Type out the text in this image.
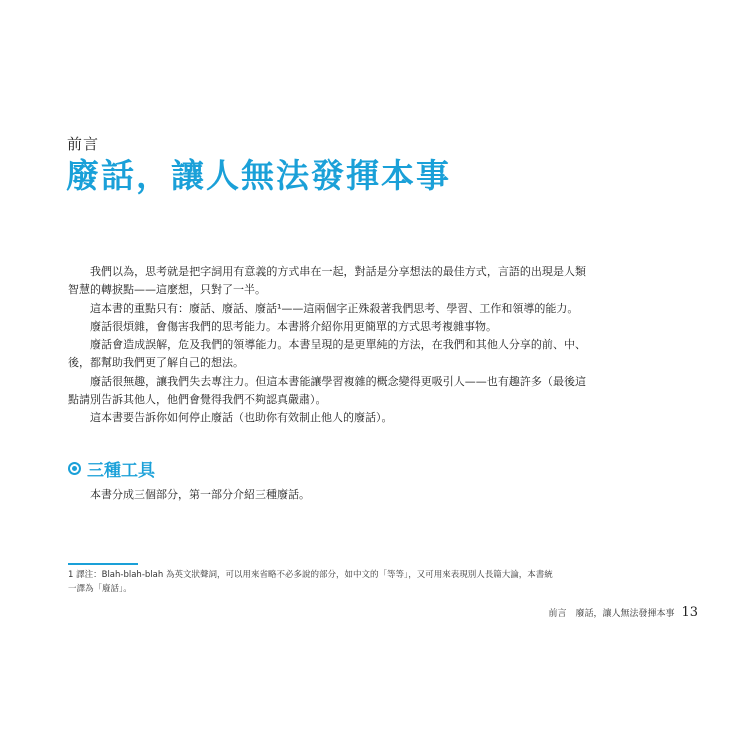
前言
廢話，讓人無法發揮本事

我們以為，思考就是把字詞用有意義的方式串在一起，對話是分享想法的最佳方式，言語的出現是人類智慧的轉捩點——這麼想，只對了一半。

這本書的重點只有：廢話、廢話、廢話¹——這兩個字正殊殺著我們思考、學習、工作和領導的能力。

廢話很煩雜，會傷害我們的思考能力。本書將介紹你用更簡單的方式思考複雜事物。

廢話會造成誤解，危及我們的領導能力。本書呈現的是更單純的方法，在我們和其他人分享的前、中、後，都幫助我們更了解自己的想法。

廢話很無趣，讓我們失去專注力。但這本書能讓學習複雜的概念變得更吸引人——也有趣許多（最後這點請別告訴其他人，他們會覺得我們不夠認真嚴肅）。

這本書要告訴你如何停止廢話（也助你有效制止他人的廢話）。

三種工具

本書分成三個部分，第一部分介紹三種廢話。

1 譯注：Blah-blah-blah 為英文狀聲詞，可以用來省略不必多說的部分，如中文的「等等」，又可用來表現別人長篇大論，本書統

一譯為「廢話」。

前言　廢話，讓人無法發揮本事 13
